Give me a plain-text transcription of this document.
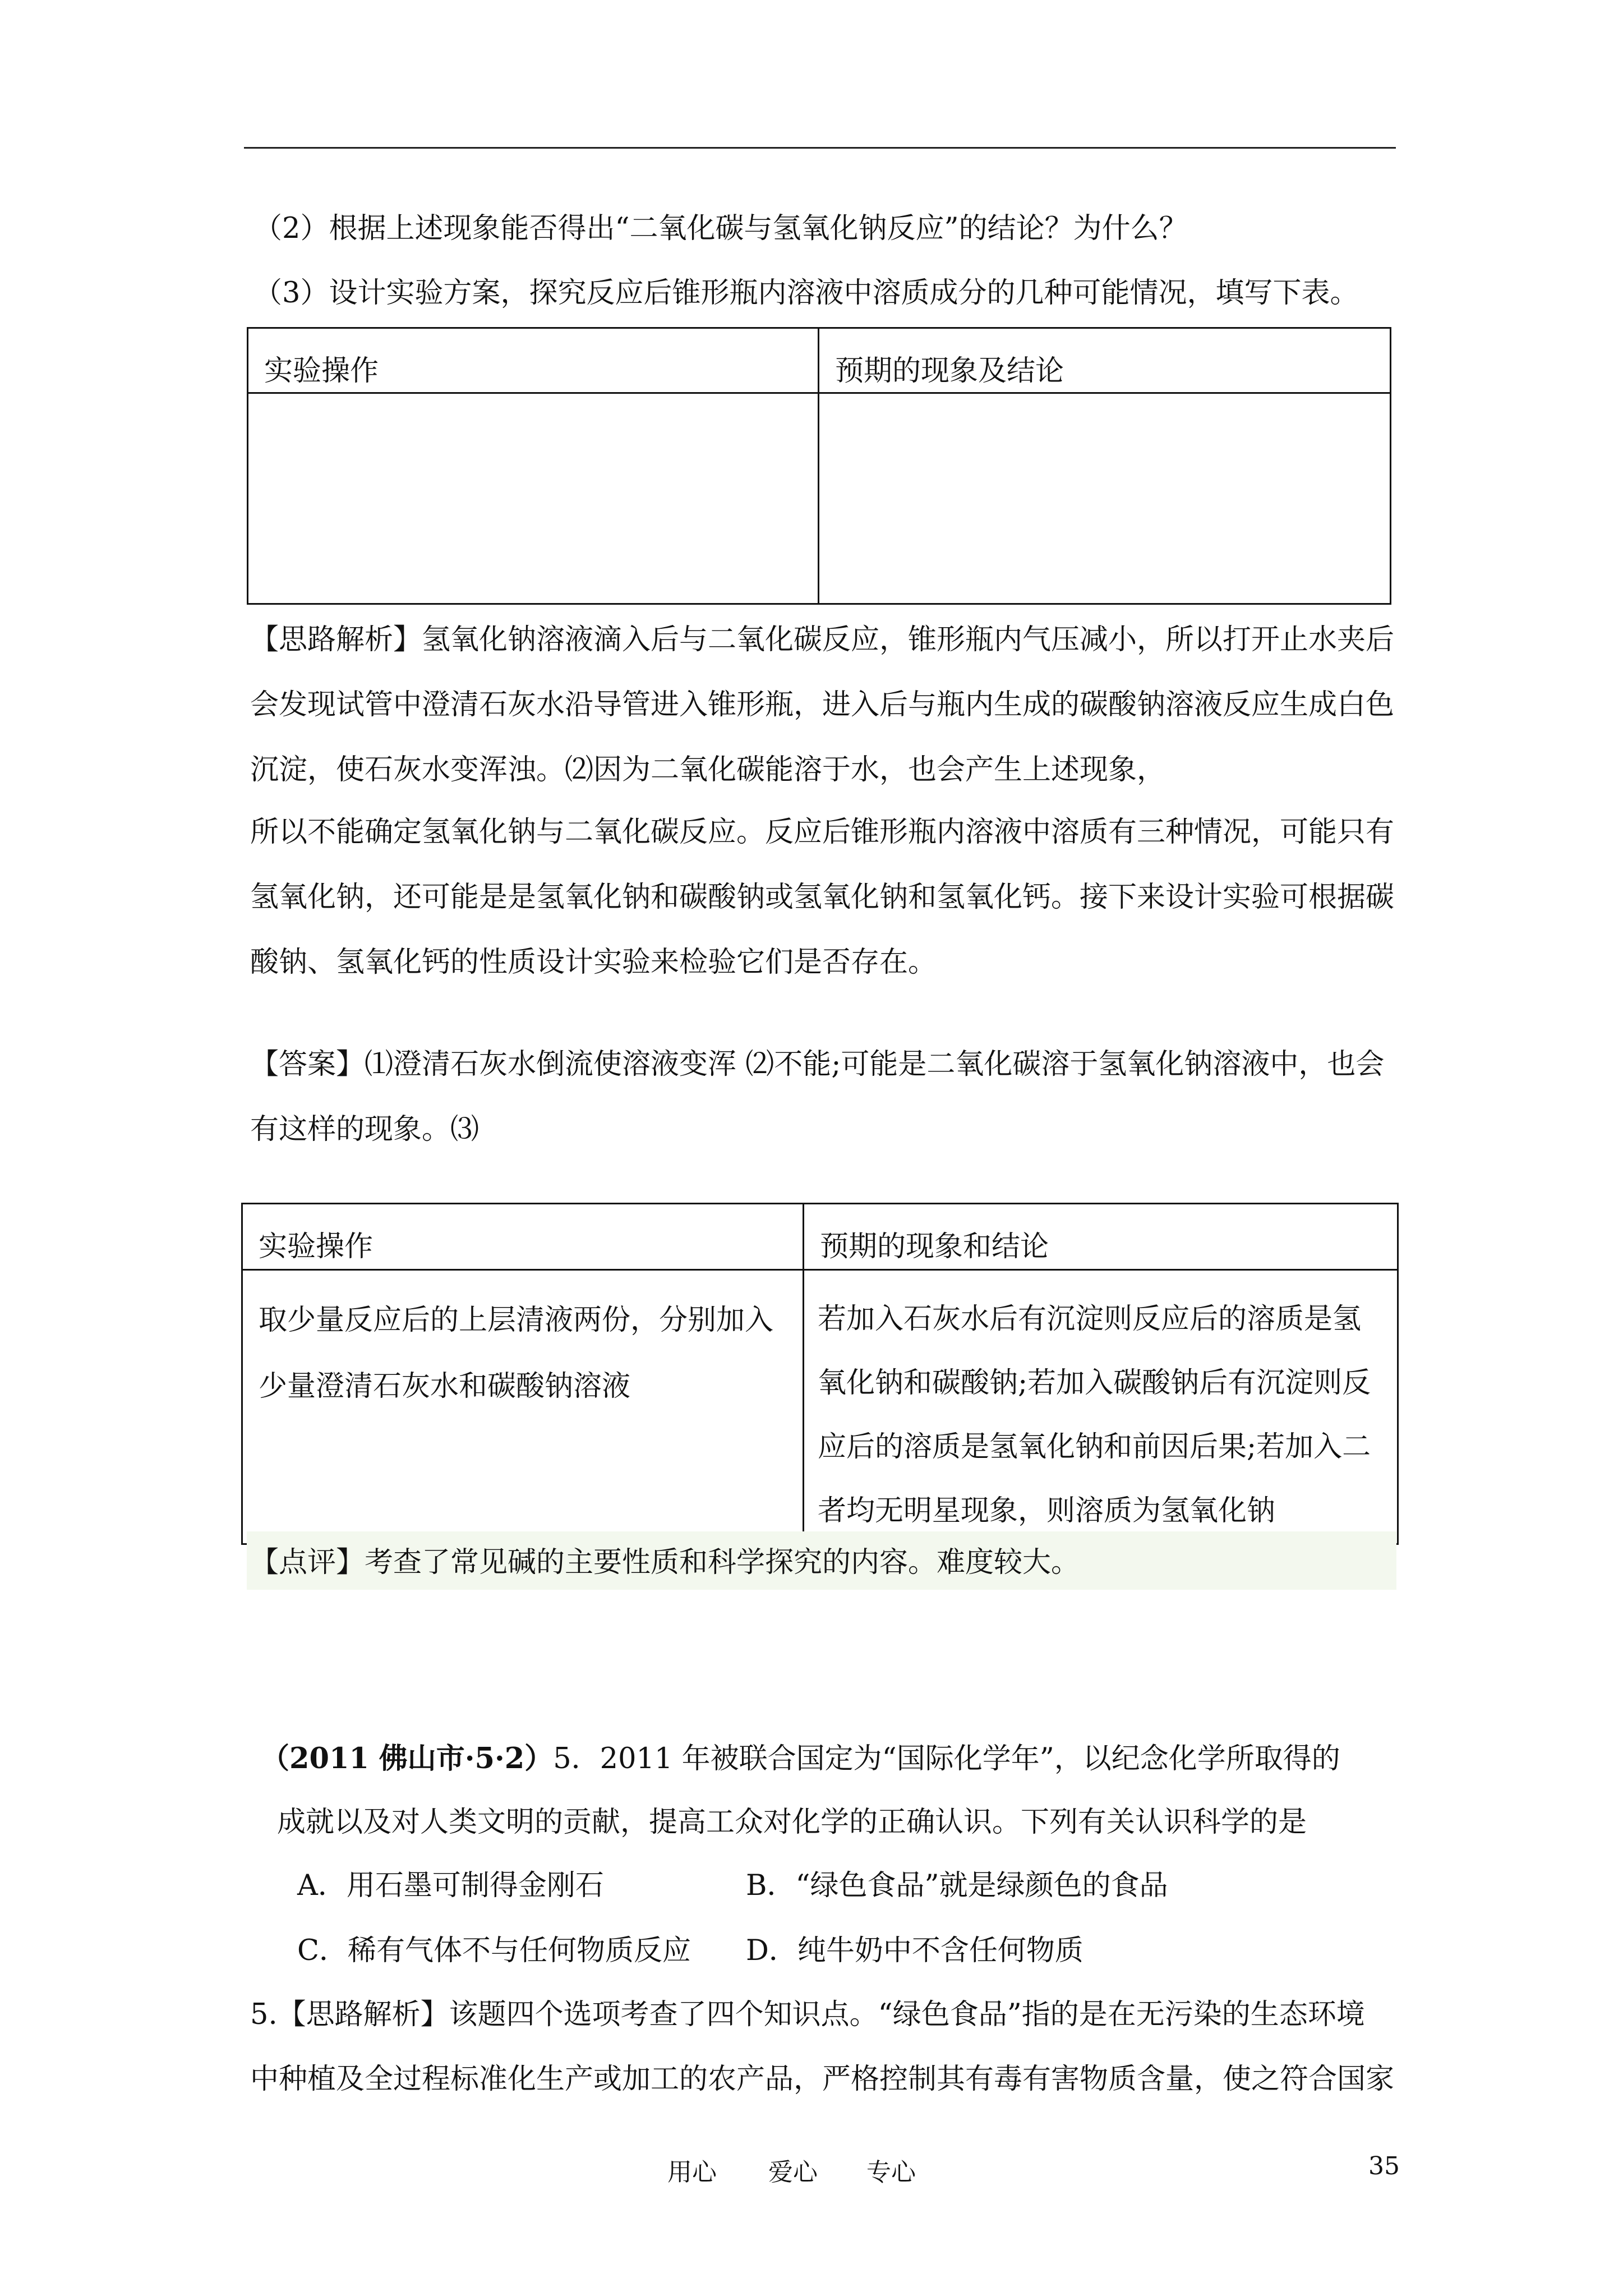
（2）根据上述现象能否得出“二氧化碳与氢氧化钠反应”的结论？为什么？
（3）设计实验方案，探究反应后锥形瓶内溶液中溶质成分的几种可能情况，填写下表。
实验操作	预期的现象及结论

【思路解析】氢氧化钠溶液滴入后与二氧化碳反应，锥形瓶内气压减小，所以打开止水夹后
会发现试管中澄清石灰水沿导管进入锥形瓶，进入后与瓶内生成的碳酸钠溶液反应生成白色
沉淀，使石灰水变浑浊。⑵因为二氧化碳能溶于水，也会产生上述现象，
所以不能确定氢氧化钠与二氧化碳反应。反应后锥形瓶内溶液中溶质有三种情况，可能只有
氢氧化钠，还可能是是氢氧化钠和碳酸钠或氢氧化钠和氢氧化钙。接下来设计实验可根据碳
酸钠、氢氧化钙的性质设计实验来检验它们是否存在。
【答案】⑴澄清石灰水倒流使溶液变浑 ⑵不能;可能是二氧化碳溶于氢氧化钠溶液中，也会
有这样的现象。⑶
实验操作	预期的现象和结论

取少量反应后的上层清液两份，分别加入
少量澄清石灰水和碳酸钠溶液	若加入石灰水后有沉淀则反应后的溶质是氢
氧化钠和碳酸钠;若加入碳酸钠后有沉淀则反
应后的溶质是氢氧化钠和前因后果;若加入二
者均无明星现象，则溶质为氢氧化钠
【点评】考查了常见碱的主要性质和科学探究的内容。难度较大。
（2011 佛山市·5·2）5．2011 年被联合国定为“国际化学年”，以纪念化学所取得的
成就以及对人类文明的贡献，提高工众对化学的正确认识。下列有关认识科学的是
A．用石墨可制得金刚石	B．“绿色食品”就是绿颜色的食品
C．稀有气体不与任何物质反应 D．纯牛奶中不含任何物质
5.【思路解析】该题四个选项考查了四个知识点。“绿色食品”指的是在无污染的生态环境
中种植及全过程标准化生产或加工的农产品，严格控制其有毒有害物质含量，使之符合国家
用心 爱心 专心	35
